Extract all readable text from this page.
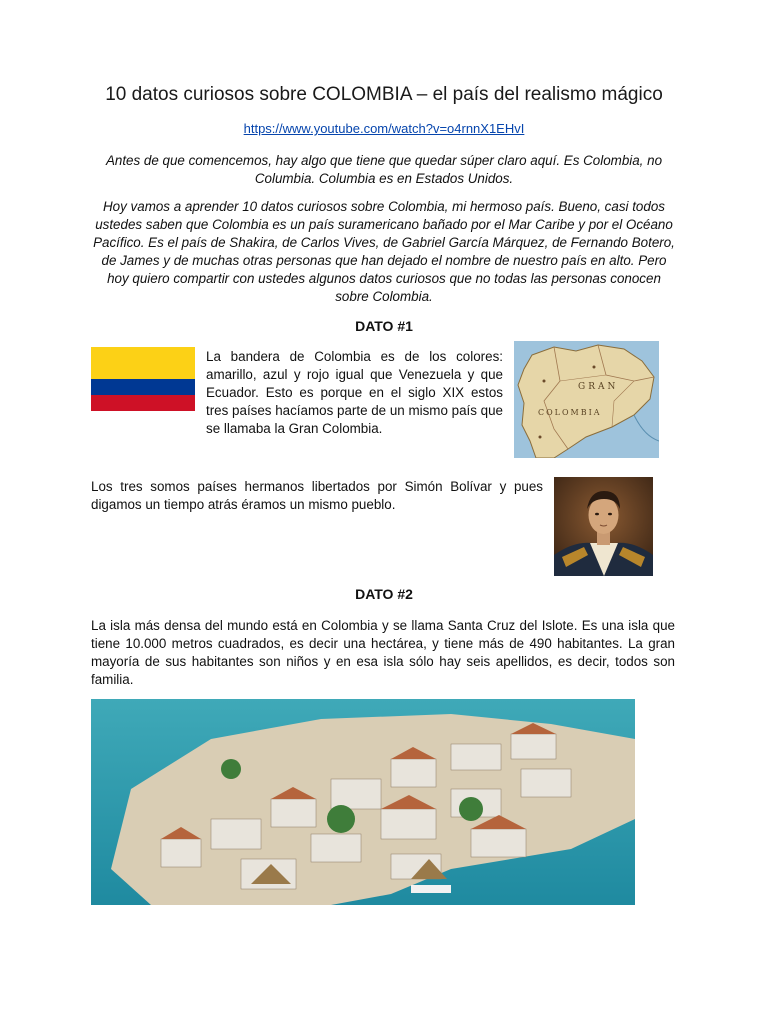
10 datos curiosos sobre COLOMBIA – el país del realismo mágico
https://www.youtube.com/watch?v=o4rnnX1EHvI
Antes de que comencemos, hay algo que tiene que quedar súper claro aquí. Es Colombia, no Columbia. Columbia es en Estados Unidos.
Hoy vamos a aprender 10 datos curiosos sobre Colombia, mi hermoso país. Bueno, casi todos ustedes saben que Colombia es un país suramericano bañado por el Mar Caribe y por el Océano Pacífico. Es el país de Shakira, de Carlos Vives, de Gabriel García Márquez, de Fernando Botero, de James y de muchas otras personas que han dejado el nombre de nuestro país en alto. Pero hoy quiero compartir con ustedes algunos datos curiosos que no todas las personas conocen sobre Colombia.
DATO #1
La bandera de Colombia es de los colores: amarillo, azul y rojo igual que Venezuela y que Ecuador. Esto es porque en el siglo XIX estos tres países hacíamos parte de un mismo país que se llamaba la Gran Colombia.
GRAN
COLOMBIA
Los tres somos países hermanos libertados por Simón Bolívar y pues digamos un tiempo atrás éramos un mismo pueblo.
DATO #2
La isla más densa del mundo está en Colombia y se llama Santa Cruz del Islote. Es una isla que tiene 10.000 metros cuadrados, es decir una hectárea, y tiene más de 490 habitantes. La gran mayoría de sus habitantes son niños y en esa isla sólo hay seis apellidos, es decir, todos son familia.
